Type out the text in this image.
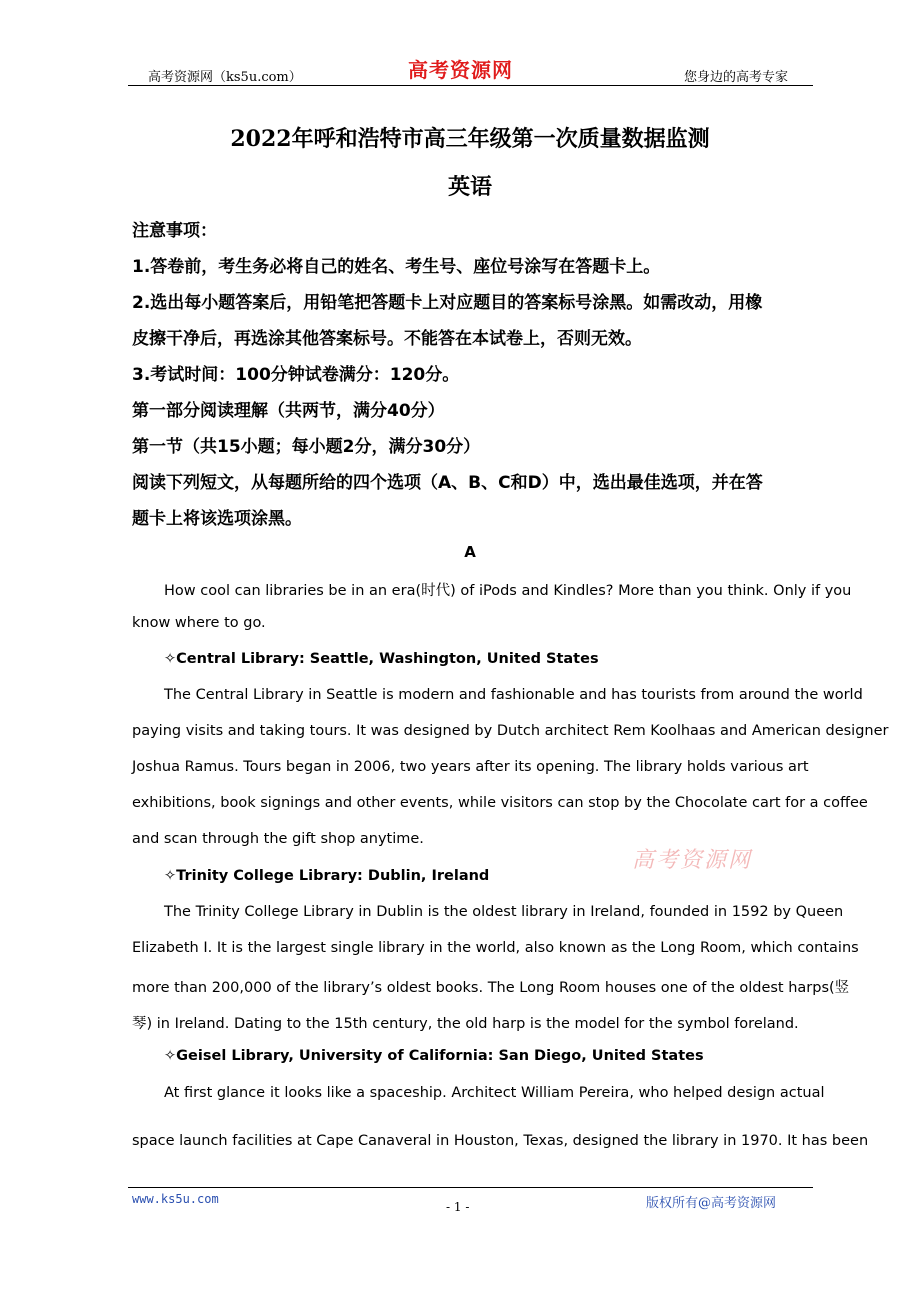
高考资源网（ks5u.com）	高考资源网	您身边的高考专家
2022年呼和浩特市高三年级第一次质量数据监测
英语
注意事项：
1.答卷前，考生务必将自己的姓名、考生号、座位号涂写在答题卡上。
2.选出每小题答案后，用铅笔把答题卡上对应题目的答案标号涂黑。如需改动，用橡
皮擦干净后，再选涂其他答案标号。不能答在本试卷上，否则无效。
3.考试时间：100分钟试卷满分：120分。
第一部分阅读理解（共两节，满分40分）
第一节（共15小题；每小题2分，满分30分）
阅读下列短文，从每题所给的四个选项（A、B、C和D）中，选出最佳选项，并在答
题卡上将该选项涂黑。
A
How cool can libraries be in an era(时代) of iPods and Kindles? More than you think. Only if you
know where to go.
✧Central Library: Seattle, Washington, United States
The Central Library in Seattle is modern and fashionable and has tourists from around the world
paying visits and taking tours. It was designed by Dutch architect Rem Koolhaas and American designer
Joshua Ramus. Tours began in 2006, two years after its opening. The library holds various art
exhibitions, book signings and other events, while visitors can stop by the Chocolate cart for a coffee
and scan through the gift shop anytime.
高考资源网
✧Trinity College Library: Dublin, Ireland
The Trinity College Library in Dublin is the oldest library in Ireland, founded in 1592 by Queen
Elizabeth I. It is the largest single library in the world, also known as the Long Room, which contains
more than 200,000 of the library’s oldest books. The Long Room houses one of the oldest harps(竖
琴) in Ireland. Dating to the 15th century, the old harp is the model for the symbol foreland.
✧Geisel Library, University of California: San Diego, United States
At first glance it looks like a spaceship. Architect William Pereira, who helped design actual
space launch facilities at Cape Canaveral in Houston, Texas, designed the library in 1970. It has been
www.ks5u.com
- 1 -	版权所有@高考资源网
